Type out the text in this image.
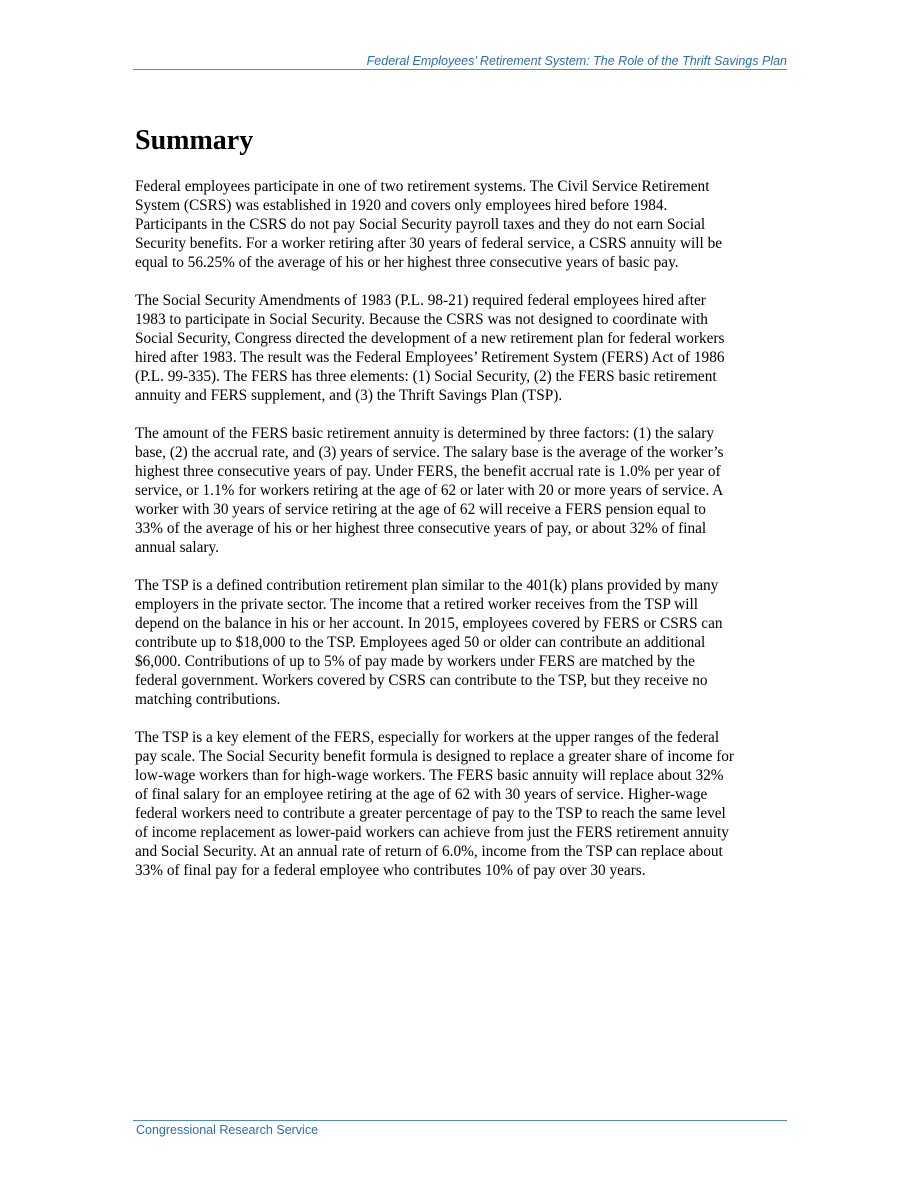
Federal Employees’ Retirement System: The Role of the Thrift Savings Plan
Summary

Federal employees participate in one of two retirement systems. The Civil Service Retirement
System (CSRS) was established in 1920 and covers only employees hired before 1984.
Participants in the CSRS do not pay Social Security payroll taxes and they do not earn Social
Security benefits. For a worker retiring after 30 years of federal service, a CSRS annuity will be
equal to 56.25% of the average of his or her highest three consecutive years of basic pay.

The Social Security Amendments of 1983 (P.L. 98-21) required federal employees hired after
1983 to participate in Social Security. Because the CSRS was not designed to coordinate with
Social Security, Congress directed the development of a new retirement plan for federal workers
hired after 1983. The result was the Federal Employees’ Retirement System (FERS) Act of 1986
(P.L. 99-335). The FERS has three elements: (1) Social Security, (2) the FERS basic retirement
annuity and FERS supplement, and (3) the Thrift Savings Plan (TSP).

The amount of the FERS basic retirement annuity is determined by three factors: (1) the salary
base, (2) the accrual rate, and (3) years of service. The salary base is the average of the worker’s
highest three consecutive years of pay. Under FERS, the benefit accrual rate is 1.0% per year of
service, or 1.1% for workers retiring at the age of 62 or later with 20 or more years of service. A
worker with 30 years of service retiring at the age of 62 will receive a FERS pension equal to
33% of the average of his or her highest three consecutive years of pay, or about 32% of final
annual salary.

The TSP is a defined contribution retirement plan similar to the 401(k) plans provided by many
employers in the private sector. The income that a retired worker receives from the TSP will
depend on the balance in his or her account. In 2015, employees covered by FERS or CSRS can
contribute up to $18,000 to the TSP. Employees aged 50 or older can contribute an additional
$6,000. Contributions of up to 5% of pay made by workers under FERS are matched by the
federal government. Workers covered by CSRS can contribute to the TSP, but they receive no
matching contributions.

The TSP is a key element of the FERS, especially for workers at the upper ranges of the federal
pay scale. The Social Security benefit formula is designed to replace a greater share of income for
low-wage workers than for high-wage workers. The FERS basic annuity will replace about 32%
of final salary for an employee retiring at the age of 62 with 30 years of service. Higher-wage
federal workers need to contribute a greater percentage of pay to the TSP to reach the same level
of income replacement as lower-paid workers can achieve from just the FERS retirement annuity
and Social Security. At an annual rate of return of 6.0%, income from the TSP can replace about
33% of final pay for a federal employee who contributes 10% of pay over 30 years.

Congressional Research Service
